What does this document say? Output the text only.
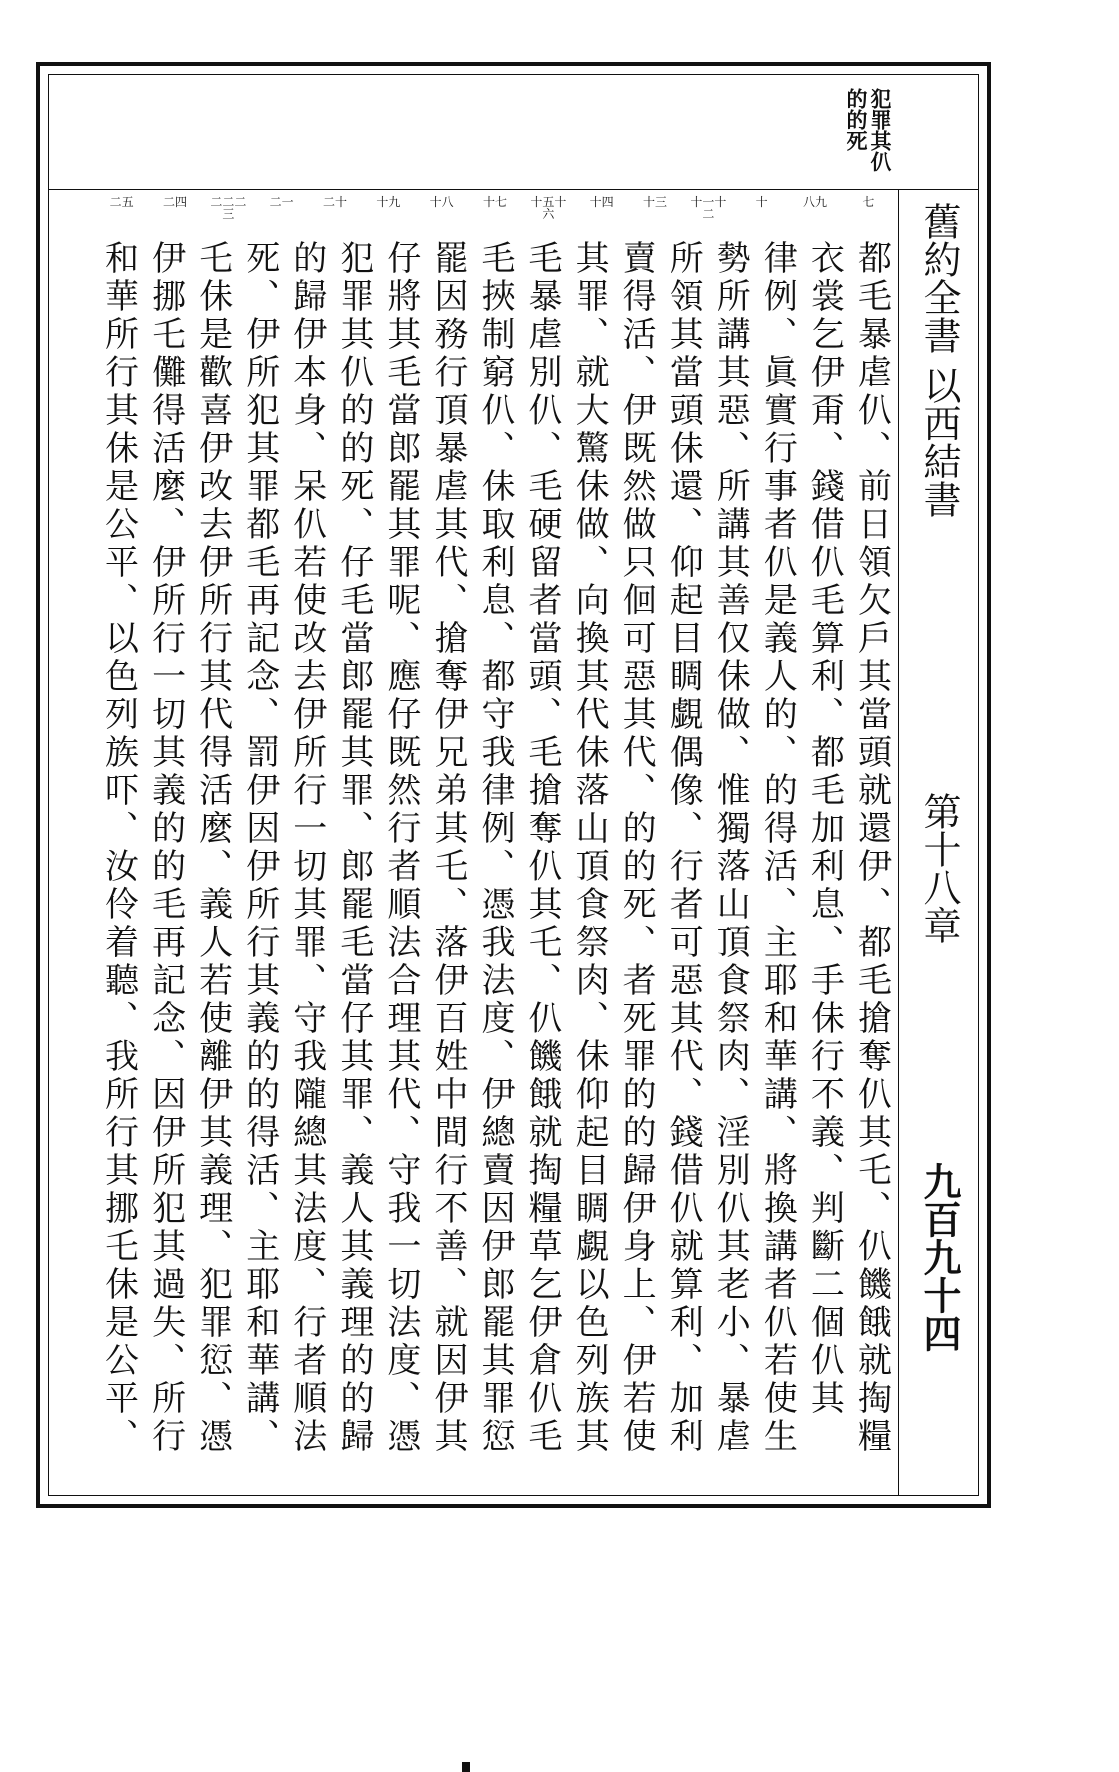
犯罪其仈
的的死
舊約全書 以西結書
第十八章
九百九十四
七
八九
十
十一十二
十三
十四
十五十六
十七
十八
十九
二十
二一
二二二三
二四
二五
都毛暴虐仈、前日領欠戶其當頭就還伊、都毛搶奪仈其乇、仈饑餓就掏糧
衣裳乞伊甭、錢借仈毛算利、都毛加利息、手佅行不義、判斷二個仈其
律例、眞實行事者仈是義人的、的得活、主耶和華講、將換講者仈若使生
勢所講其惡、所講其善仅佅做、惟獨落山頂食祭肉、淫別仈其老小、暴虐
所領其當頭佅還、仰起目睭覷偶像、行者可惡其代、錢借仈就算利、加利
賣得活、伊既然做只佪可惡其代、的的死、者死罪的的歸伊身上、伊若使
其罪、就大驚佅做、向換其代佅落山頂食祭肉、佅仰起目睭覷以色列族其
毛暴虐別仈、毛硬留者當頭、毛搶奪仈其乇、仈饑餓就掏糧草乞伊倉仈毛
毛挾制窮仈、佅取利息、都守我律例、憑我法度、伊總賣因伊郎罷其罪愆
罷因務行頂暴虐其代、搶奪伊兄弟其乇、落伊百姓中間行不善、就因伊其
仔將其毛當郎罷其罪呢、應仔既然行者順法合理其代、守我一切法度、憑
犯罪其仈的的死、仔毛當郎罷其罪、郎罷毛當仔其罪、義人其義理的的歸
的歸伊本身、呆仈若使改去伊所行一切其罪、守我隴總其法度、行者順法
死、伊所犯其罪都毛再記念、罰伊因伊所行其義的的得活、主耶和華講、
乇佅是歡喜伊改去伊所行其代得活麼、義人若使離伊其義理、犯罪愆、憑
伊挪乇儺得活麼、伊所行一切其義的的毛再記念、因伊所犯其過失、所行
和華所行其佅是公平、以色列族吓、汝伶着聽、我所行其挪乇佅是公平、
